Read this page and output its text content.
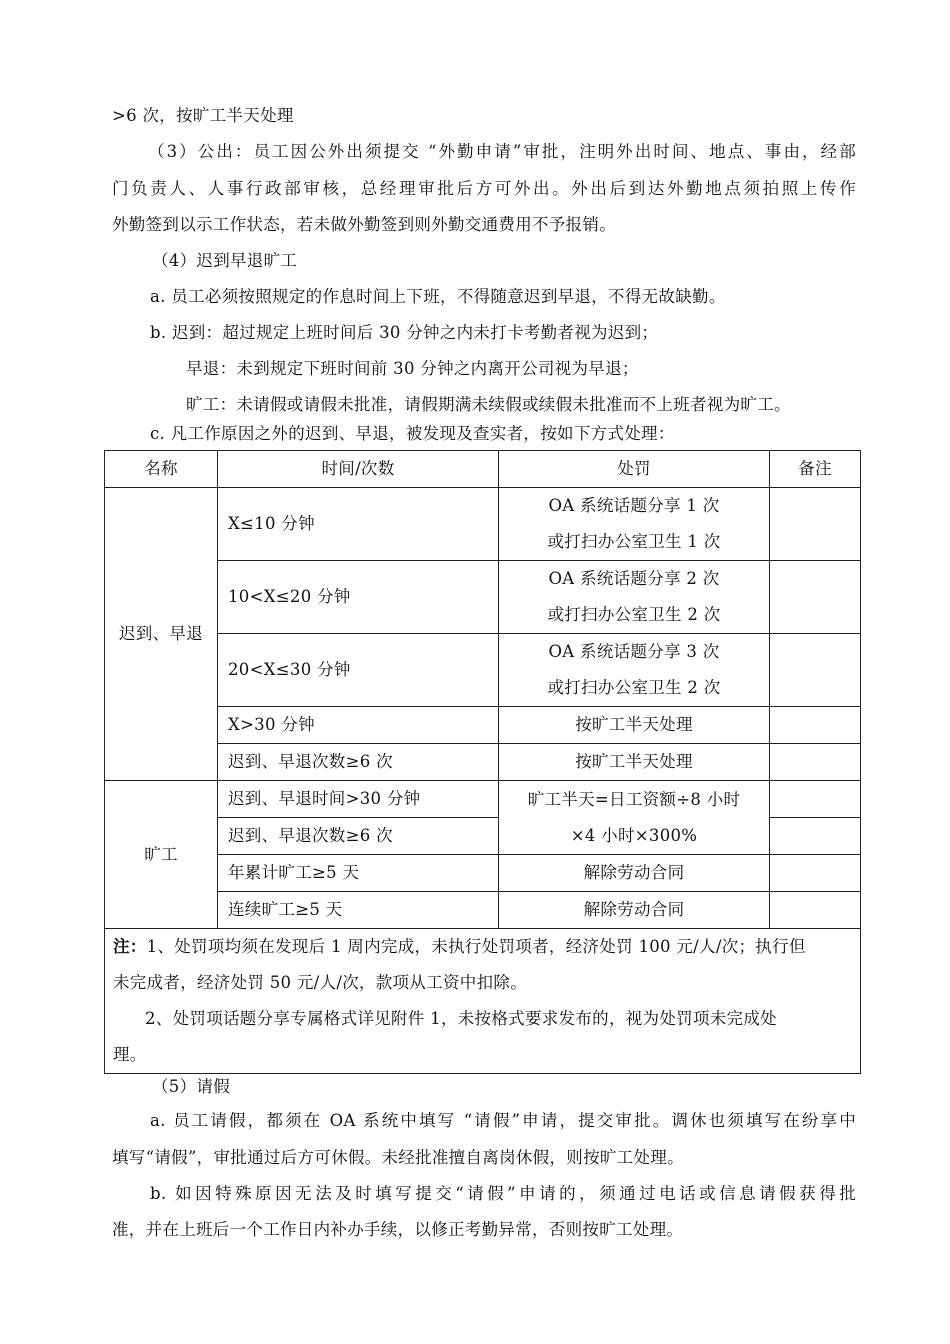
>6 次，按旷工半天处理
（3）公出：员工因公外出须提交 “外勤申请”审批，注明外出时间、地点、事由，经部
门负责人、人事行政部审核，总经理审批后方可外出。外出后到达外勤地点须拍照上传作
外勤签到以示工作状态，若未做外勤签到则外勤交通费用不予报销。
（4）迟到早退旷工
a. 员工必须按照规定的作息时间上下班，不得随意迟到早退，不得无故缺勤。
b. 迟到：超过规定上班时间后 30 分钟之内未打卡考勤者视为迟到；
早退：未到规定下班时间前 30 分钟之内离开公司视为早退；
旷工：未请假或请假未批准，请假期满未续假或续假未批准而不上班者视为旷工。
c. 凡工作原因之外的迟到、早退，被发现及查实者，按如下方式处理：
名称	时间/次数	处罚	备注
迟到、早退	X≤10 分钟	OA 系统话题分享 1 次
或打扫办公室卫生 1 次	
	10<X≤20 分钟	OA 系统话题分享 2 次
或打扫办公室卫生 2 次	
	20<X≤30 分钟	OA 系统话题分享 3 次
或打扫办公室卫生 2 次	
	X>30 分钟	按旷工半天处理	
	迟到、早退次数≥6 次	按旷工半天处理	
旷工	迟到、早退时间>30 分钟	旷工半天=日工资额÷8 小时
×4 小时×300%	
	迟到、早退次数≥6 次		
	年累计旷工≥5 天	解除劳动合同	
	连续旷工≥5 天	解除劳动合同	

注：1、处罚项均须在发现后 1 周内完成，未执行处罚项者，经济处罚 100 元/人/次；执行但
未完成者，经济处罚 50 元/人/次，款项从工资中扣除。
2、处罚项话题分享专属格式详见附件 1，未按格式要求发布的，视为处罚项未完成处
理。			
（5）请假
a. 员工请假，都须在 OA 系统中填写 “请假”申请，提交审批。调休也须填写在纷享中
填写“请假”，审批通过后方可休假。未经批准擅自离岗休假，则按旷工处理。
b. 如因特殊原因无法及时填写提交“请假”申请的，须通过电话或信息请假获得批
准，并在上班后一个工作日内补办手续，以修正考勤异常，否则按旷工处理。
